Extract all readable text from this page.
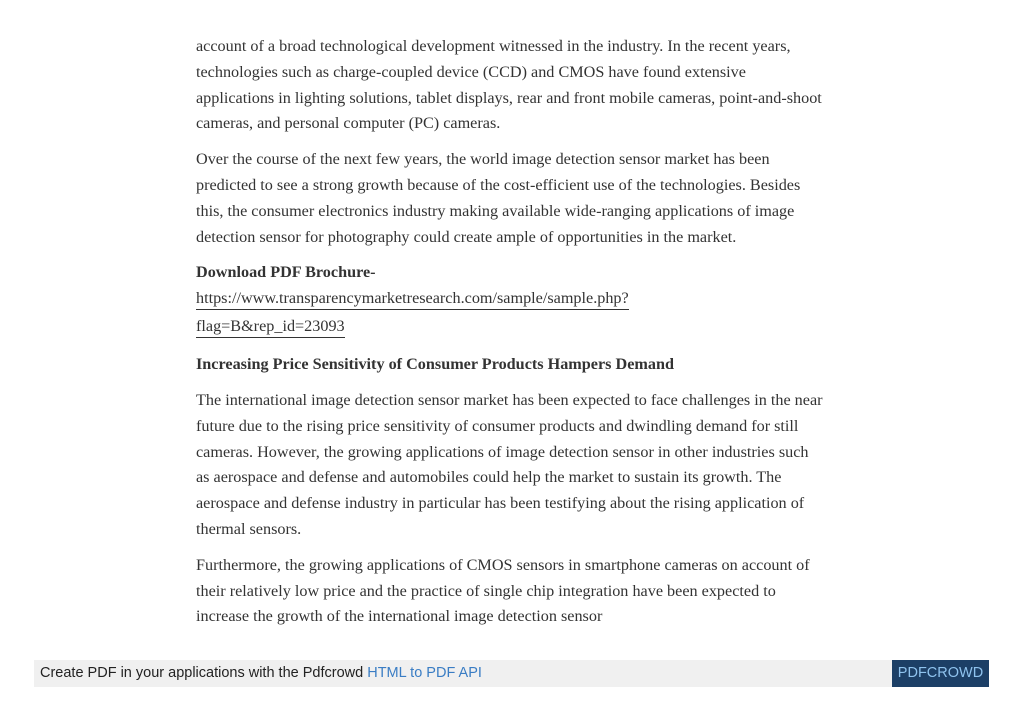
account of a broad technological development witnessed in the industry. In the recent years, technologies such as charge-coupled device (CCD) and CMOS have found extensive applications in lighting solutions, tablet displays, rear and front mobile cameras, point-and-shoot cameras, and personal computer (PC) cameras.

Over the course of the next few years, the world image detection sensor market has been predicted to see a strong growth because of the cost-efficient use of the technologies. Besides this, the consumer electronics industry making available wide-ranging applications of image detection sensor for photography could create ample of opportunities in the market.

Download PDF Brochure-

https://www.transparencymarketresearch.com/sample/sample.php?
flag=B&rep_id=23093

Increasing Price Sensitivity of Consumer Products Hampers Demand

The international image detection sensor market has been expected to face challenges in the near future due to the rising price sensitivity of consumer products and dwindling demand for still cameras. However, the growing applications of image detection sensor in other industries such as aerospace and defense and automobiles could help the market to sustain its growth. The aerospace and defense industry in particular has been testifying about the rising application of thermal sensors.

Furthermore, the growing applications of CMOS sensors in smartphone cameras on account of their relatively low price and the practice of single chip integration have been expected to increase the growth of the international image detection sensor

Create PDF in your applications with the Pdfcrowd HTML to PDF API	PDFCROWD
